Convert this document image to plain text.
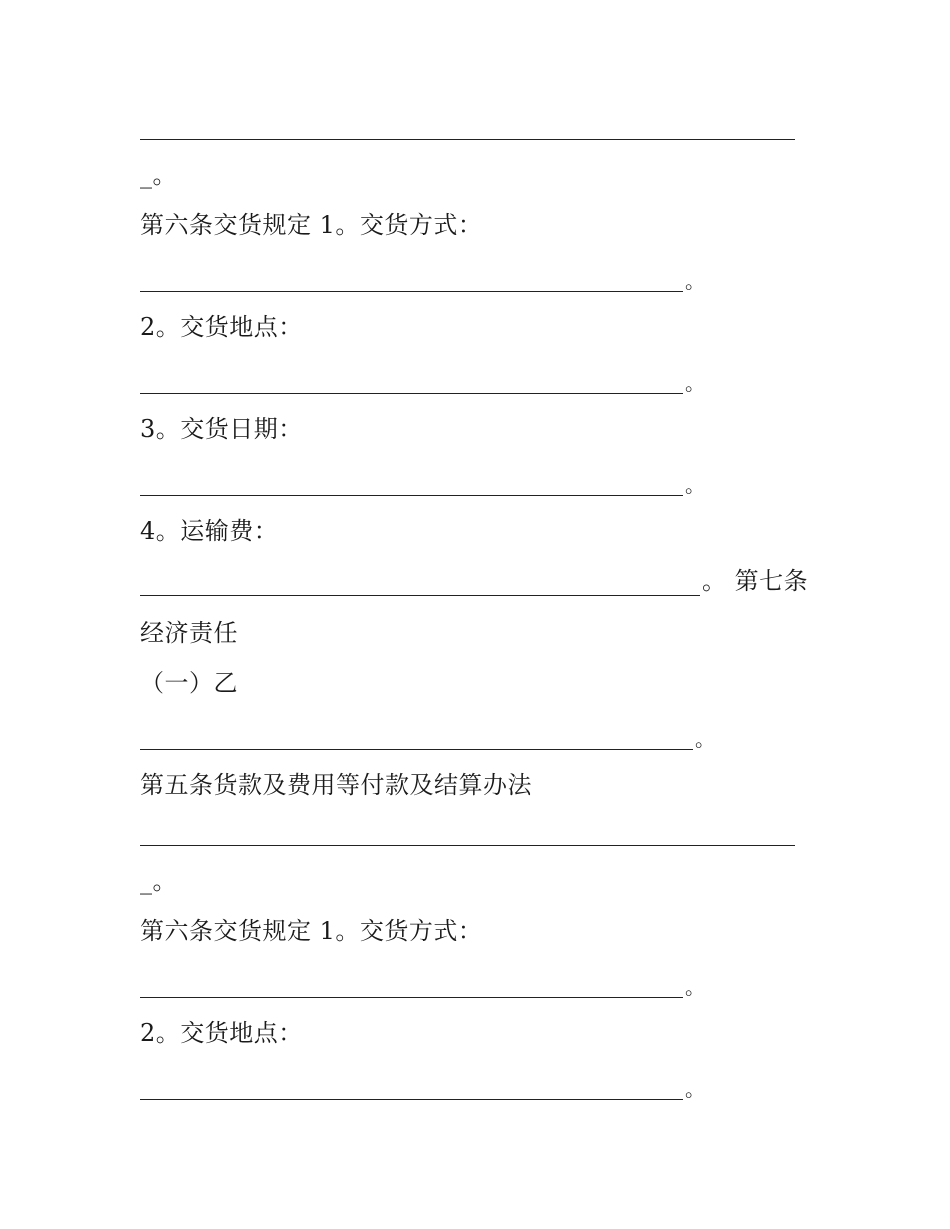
_。
第六条交货规定 1。交货方式：
。
2。交货地点：
。
3。交货日期：
。
4。运输费：
。 第七条
经济责任
（一）乙
。
第五条货款及费用等付款及结算办法
_。
第六条交货规定 1。交货方式：
。
2。交货地点：
。
